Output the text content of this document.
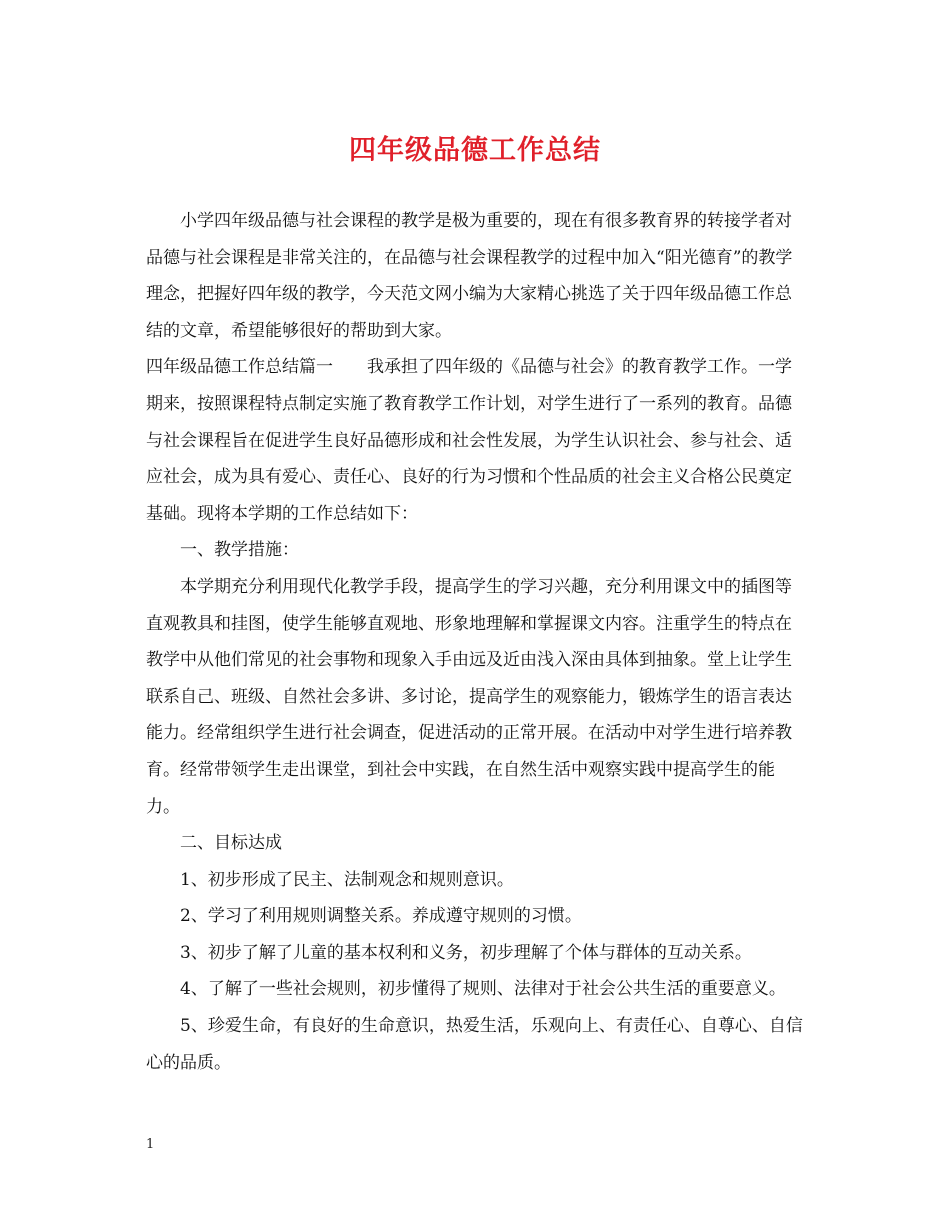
四年级品德工作总结

小学四年级品德与社会课程的教学是极为重要的，现在有很多教育界的转接学者对品德与社会课程是非常关注的，在品德与社会课程教学的过程中加入“阳光德育”的教学理念，把握好四年级的教学，今天范文网小编为大家精心挑选了关于四年级品德工作总结的文章，希望能够很好的帮助到大家。

四年级品德工作总结篇一　　我承担了四年级的《品德与社会》的教育教学工作。一学期来，按照课程特点制定实施了教育教学工作计划，对学生进行了一系列的教育。品德与社会课程旨在促进学生良好品德形成和社会性发展，为学生认识社会、参与社会、适应社会，成为具有爱心、责任心、良好的行为习惯和个性品质的社会主义合格公民奠定基础。现将本学期的工作总结如下：

一、教学措施：

本学期充分利用现代化教学手段，提高学生的学习兴趣，充分利用课文中的插图等直观教具和挂图，使学生能够直观地、形象地理解和掌握课文内容。注重学生的特点在教学中从他们常见的社会事物和现象入手由远及近由浅入深由具体到抽象。堂上让学生联系自己、班级、自然社会多讲、多讨论，提高学生的观察能力，锻炼学生的语言表达能力。经常组织学生进行社会调查，促进活动的正常开展。在活动中对学生进行培养教育。经常带领学生走出课堂，到社会中实践，在自然生活中观察实践中提高学生的能力。

二、目标达成

1、初步形成了民主、法制观念和规则意识。

2、学习了利用规则调整关系。养成遵守规则的习惯。

3、初步了解了儿童的基本权利和义务，初步理解了个体与群体的互动关系。

4、了解了一些社会规则，初步懂得了规则、法律对于社会公共生活的重要意义。

5、珍爱生命，有良好的生命意识，热爱生活，乐观向上、有责任心、自尊心、自信心的品质。

1
